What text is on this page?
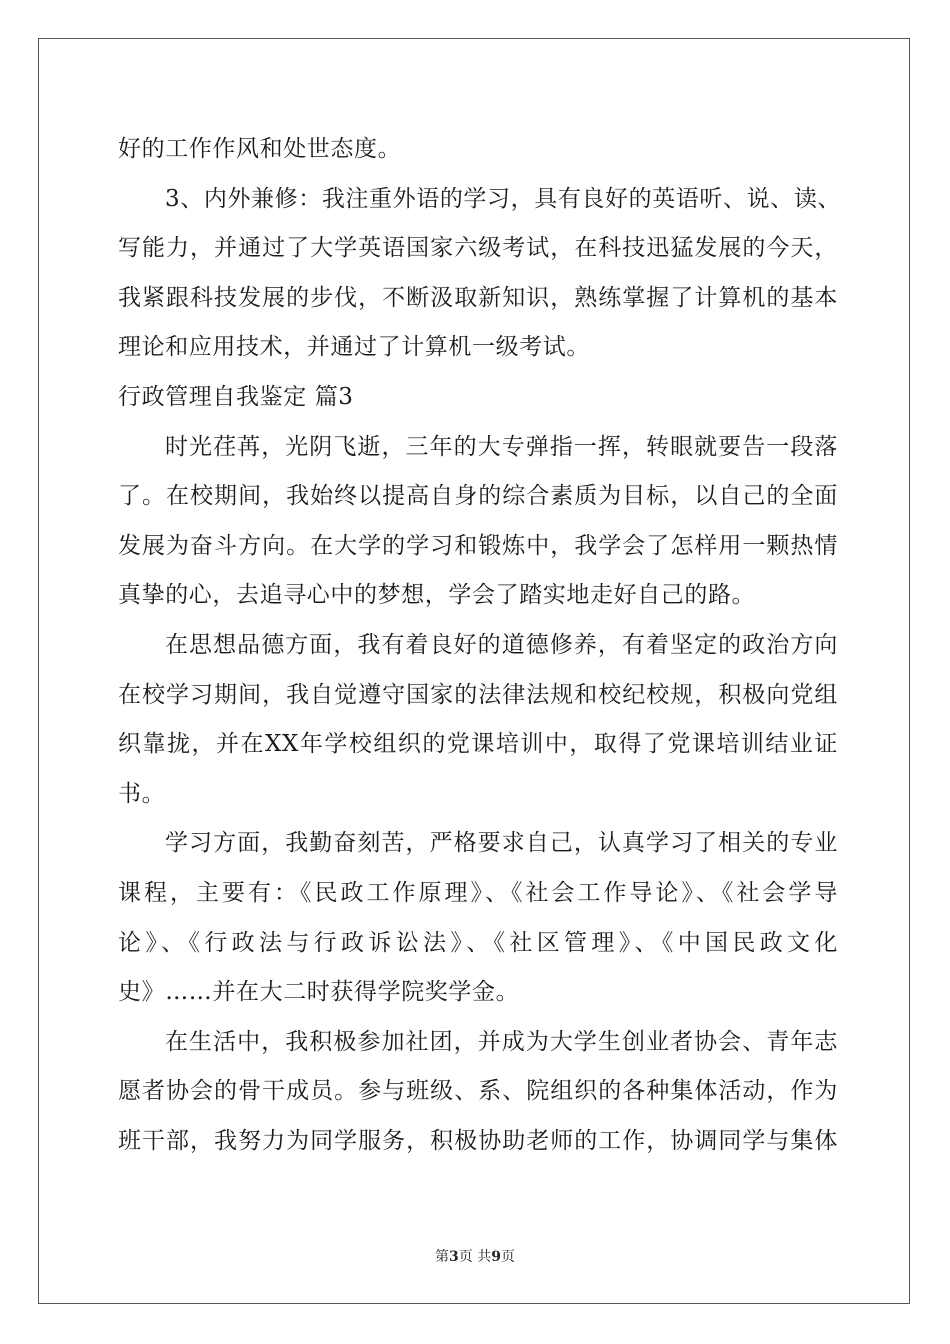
好的工作作风和处世态度。
3、内外兼修：我注重外语的学习，具有良好的英语听、说、读、
写能力，并通过了大学英语国家六级考试，在科技迅猛发展的今天，
我紧跟科技发展的步伐，不断汲取新知识，熟练掌握了计算机的基本
理论和应用技术，并通过了计算机一级考试。
行政管理自我鉴定 篇3
时光荏苒，光阴飞逝，三年的大专弹指一挥，转眼就要告一段落
了。在校期间，我始终以提高自身的综合素质为目标，以自己的全面
发展为奋斗方向。在大学的学习和锻炼中，我学会了怎样用一颗热情
真挚的心，去追寻心中的梦想，学会了踏实地走好自己的路。
在思想品德方面，我有着良好的道德修养，有着坚定的政治方向
在校学习期间，我自觉遵守国家的法律法规和校纪校规，积极向党组
织靠拢，并在XX年学校组织的党课培训中，取得了党课培训结业证
书。
学习方面，我勤奋刻苦，严格要求自己，认真学习了相关的专业
课程，主要有：《民政工作原理》、《社会工作导论》、《社会学导
论》、《行政法与行政诉讼法》、《社区管理》、《中国民政文化
史》……并在大二时获得学院奖学金。
在生活中，我积极参加社团，并成为大学生创业者协会、青年志
愿者协会的骨干成员。参与班级、系、院组织的各种集体活动，作为
班干部，我努力为同学服务，积极协助老师的工作，协调同学与集体
第3页 共9页
